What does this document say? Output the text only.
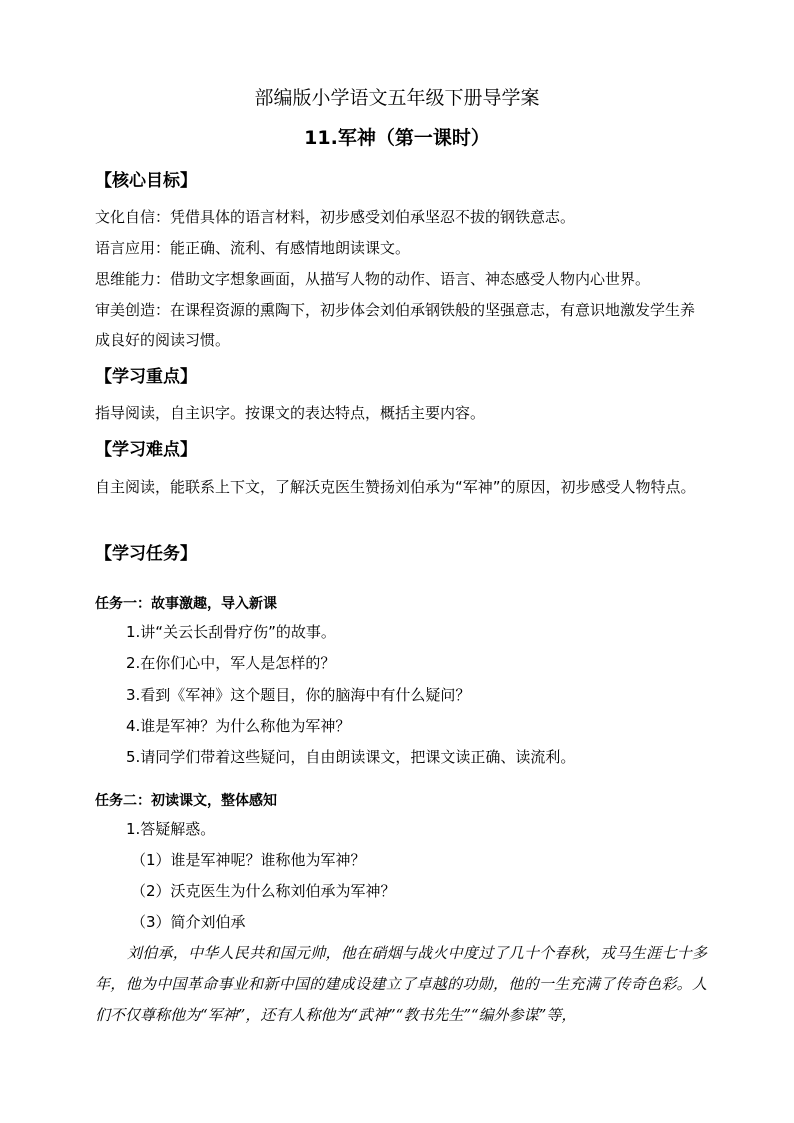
部编版小学语文五年级下册导学案
11.军神（第一课时）
【核心目标】
文化自信：凭借具体的语言材料，初步感受刘伯承坚忍不拔的钢铁意志。
语言应用：能正确、流利、有感情地朗读课文。
思维能力：借助文字想象画面，从描写人物的动作、语言、神态感受人物内心世界。
审美创造：在课程资源的熏陶下，初步体会刘伯承钢铁般的坚强意志，有意识地激发学生养成良好的阅读习惯。
【学习重点】
指导阅读，自主识字。按课文的表达特点，概括主要内容。
【学习难点】
自主阅读，能联系上下文，了解沃克医生赞扬刘伯承为“军神”的原因，初步感受人物特点。
【学习任务】
任务一：故事激趣，导入新课
1.讲“关云长刮骨疗伤”的故事。
2.在你们心中，军人是怎样的？
3.看到《军神》这个题目，你的脑海中有什么疑问？
4.谁是军神？为什么称他为军神？
5.请同学们带着这些疑问，自由朗读课文，把课文读正确、读流利。
任务二：初读课文，整体感知
1.答疑解惑。
（1）谁是军神呢？谁称他为军神？
（2）沃克医生为什么称刘伯承为军神？
（3）简介刘伯承
刘伯承，中华人民共和国元帅，他在硝烟与战火中度过了几十个春秋，戎马生涯七十多年，他为中国革命事业和新中国的建成设建立了卓越的功勋，他的一生充满了传奇色彩。人们不仅尊称他为“军神”，还有人称他为“武神”“教书先生”“编外参谋”等，
